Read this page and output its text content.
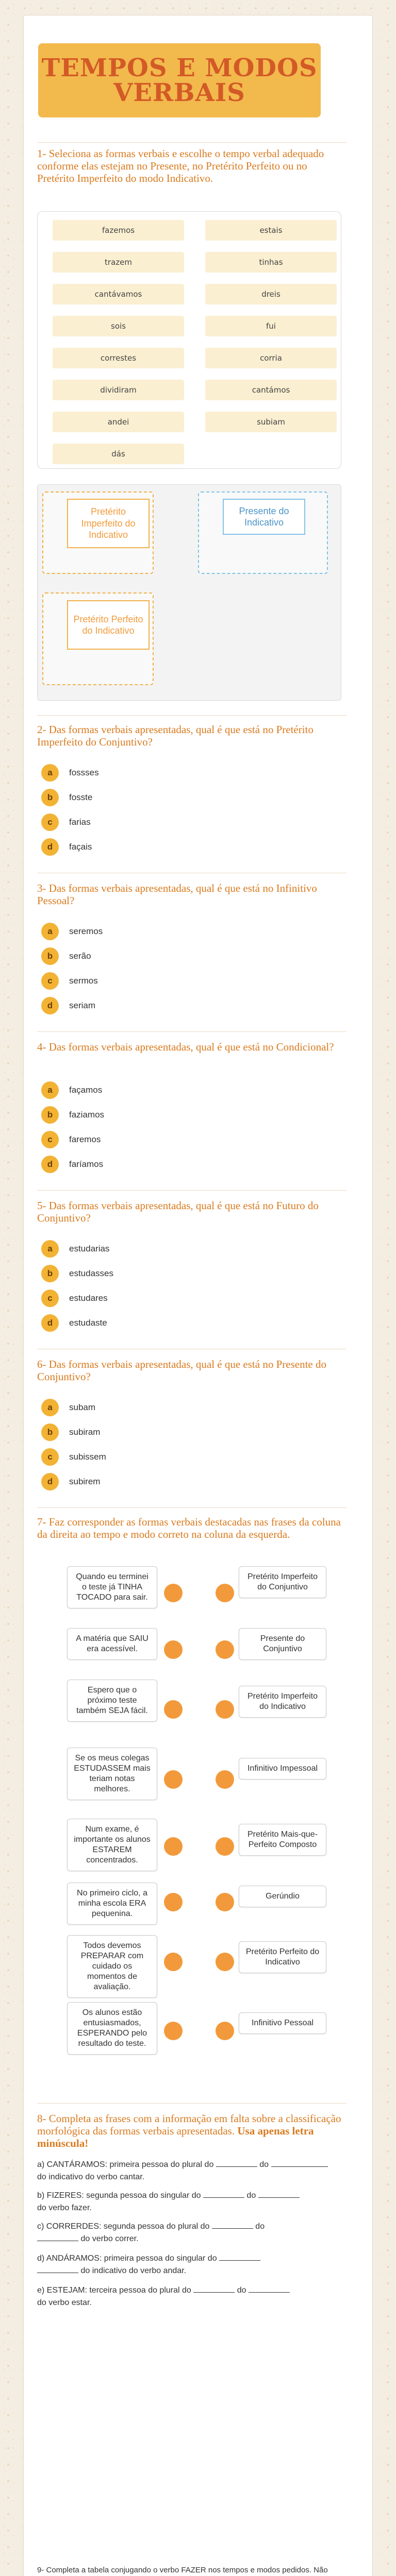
TEMPOS E MODOS
VERBAIS
1- Seleciona as formas verbais e escolhe o tempo verbal adequado conforme elas estejam no Presente, no Pretérito Perfeito ou no Pretérito Imperfeito do modo Indicativo.
fazemos	estais
trazem	tinhas
cantávamos	dreis
sois	fui
correstes	corria
dividiram	cantámos
andei	subiam
dás
Pretérito Imperfeito do Indicativo
Presente do Indicativo
Pretérito Perfeito do Indicativo
2- Das formas verbais apresentadas, qual é que está no Pretérito Imperfeito do Conjuntivo?
a	fossses
b	fosste
c	farias
d	façais
3- Das formas verbais apresentadas, qual é que está no Infinitivo Pessoal?
a	seremos
b	serão
c	sermos
d	seriam
4- Das formas verbais apresentadas, qual é que está no Condicional?
a	façamos
b	faziamos
c	faremos
d	faríamos
5- Das formas verbais apresentadas, qual é que está no Futuro do Conjuntivo?
a	estudarias
b	estudasses
c	estudares
d	estudaste
6- Das formas verbais apresentadas, qual é que está no Presente do Conjuntivo?
a	subam
b	subiram
c	subissem
d	subirem
7- Faz corresponder as formas verbais destacadas nas frases da coluna da direita ao tempo e modo correto na coluna da esquerda.
Quando eu terminei o teste já TINHA TOCADO para sair.
Pretérito Imperfeito do Conjuntivo
A matéria que SAIU era acessível.
Presente do Conjuntivo
Espero que o próximo teste também SEJA fácil.
Pretérito Imperfeito do Indicativo
Se os meus colegas ESTUDASSEM mais teriam notas melhores.
Infinitivo Impessoal
Num exame, é importante os alunos ESTAREM concentrados.
Pretérito Mais-que-Perfeito Composto
No primeiro ciclo, a minha escola ERA pequenina.
Gerúndio
Todos devemos PREPARAR com cuidado os momentos de avaliação.
Pretérito Perfeito do Indicativo
Os alunos estão entusiasmados, ESPERANDO pelo resultado do teste.
Infinitivo Pessoal
8- Completa as frases com a informação em falta sobre a classificação morfológica das formas verbais apresentadas. Usa apenas letra minúscula!
a) CANTÁRAMOS: primeira pessoa do plural do	do
do indicativo do verbo cantar.
b) FIZERES: segunda pessoa do singular do	do
do verbo fazer.
c) CORRERDES: segunda pessoa do plural do	do
do verbo correr.
d) ANDÁRAMOS: primeira pessoa do singular do
do indicativo do verbo andar.
e) ESTEJAM: terceira pessoa do plural do	do
do verbo estar.
9- Completa a tabela conjugando o verbo FAZER nos tempos e modos pedidos. Não
